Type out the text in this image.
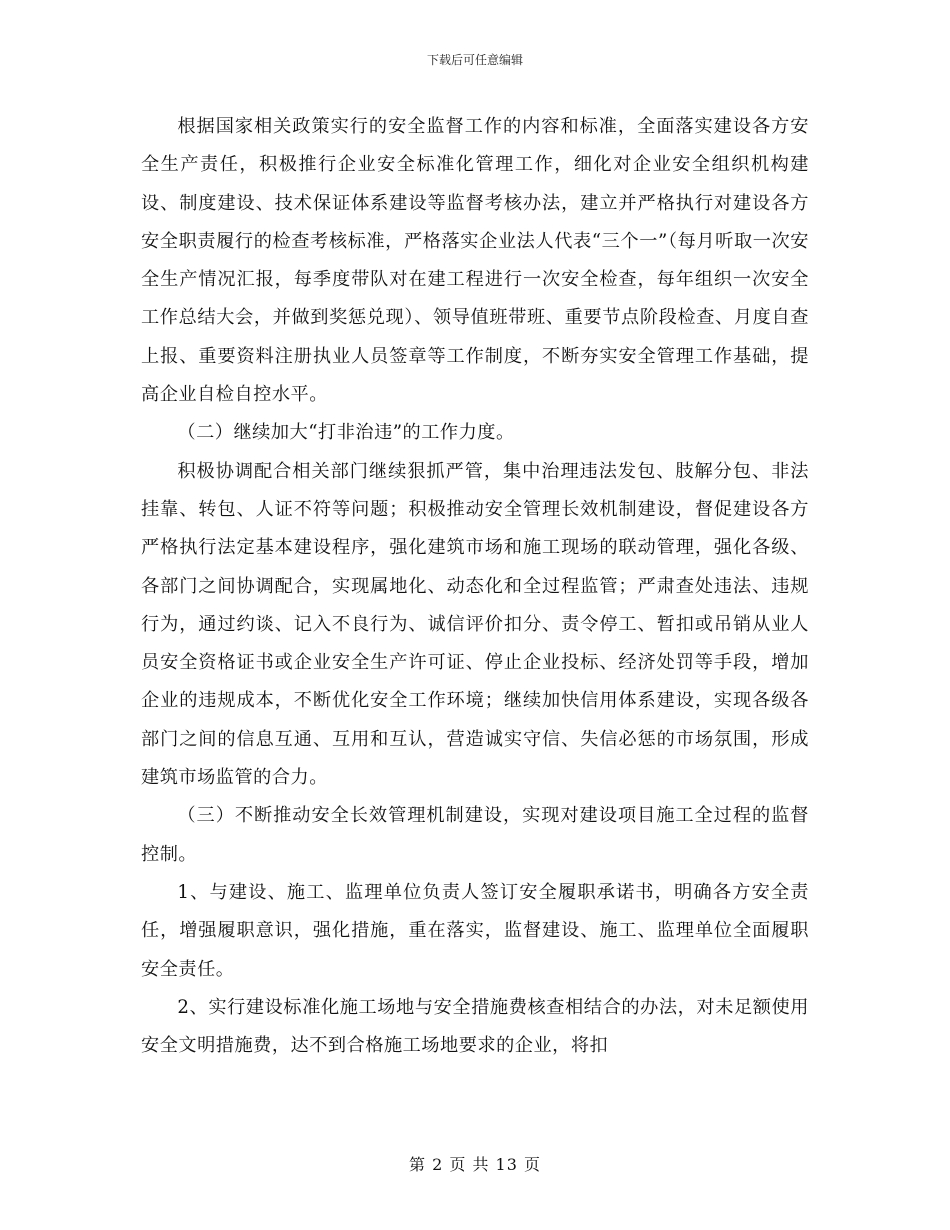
下载后可任意编辑

根据国家相关政策实行的安全监督工作的内容和标准，全面落实建设各方安全生产责任，积极推行企业安全标准化管理工作，细化对企业安全组织机构建设、制度建设、技术保证体系建设等监督考核办法，建立并严格执行对建设各方安全职责履行的检查考核标准，严格落实企业法人代表“三个一”（每月听取一次安全生产情况汇报，每季度带队对在建工程进行一次安全检查，每年组织一次安全工作总结大会，并做到奖惩兑现）、领导值班带班、重要节点阶段检查、月度自查上报、重要资料注册执业人员签章等工作制度，不断夯实安全管理工作基础，提高企业自检自控水平。

（二）继续加大“打非治违”的工作力度。

积极协调配合相关部门继续狠抓严管，集中治理违法发包、肢解分包、非法挂靠、转包、人证不符等问题；积极推动安全管理长效机制建设，督促建设各方严格执行法定基本建设程序，强化建筑市场和施工现场的联动管理，强化各级、各部门之间协调配合，实现属地化、动态化和全过程监管；严肃查处违法、违规行为，通过约谈、记入不良行为、诚信评价扣分、责令停工、暂扣或吊销从业人员安全资格证书或企业安全生产许可证、停止企业投标、经济处罚等手段，增加企业的违规成本，不断优化安全工作环境；继续加快信用体系建设，实现各级各部门之间的信息互通、互用和互认，营造诚实守信、失信必惩的市场氛围，形成建筑市场监管的合力。

（三）不断推动安全长效管理机制建设，实现对建设项目施工全过程的监督控制。

1、与建设、施工、监理单位负责人签订安全履职承诺书，明确各方安全责任，增强履职意识，强化措施，重在落实，监督建设、施工、监理单位全面履职安全责任。

2、实行建设标准化施工场地与安全措施费核查相结合的办法，对未足额使用安全文明措施费，达不到合格施工场地要求的企业，将扣

第 2 页 共 13 页
